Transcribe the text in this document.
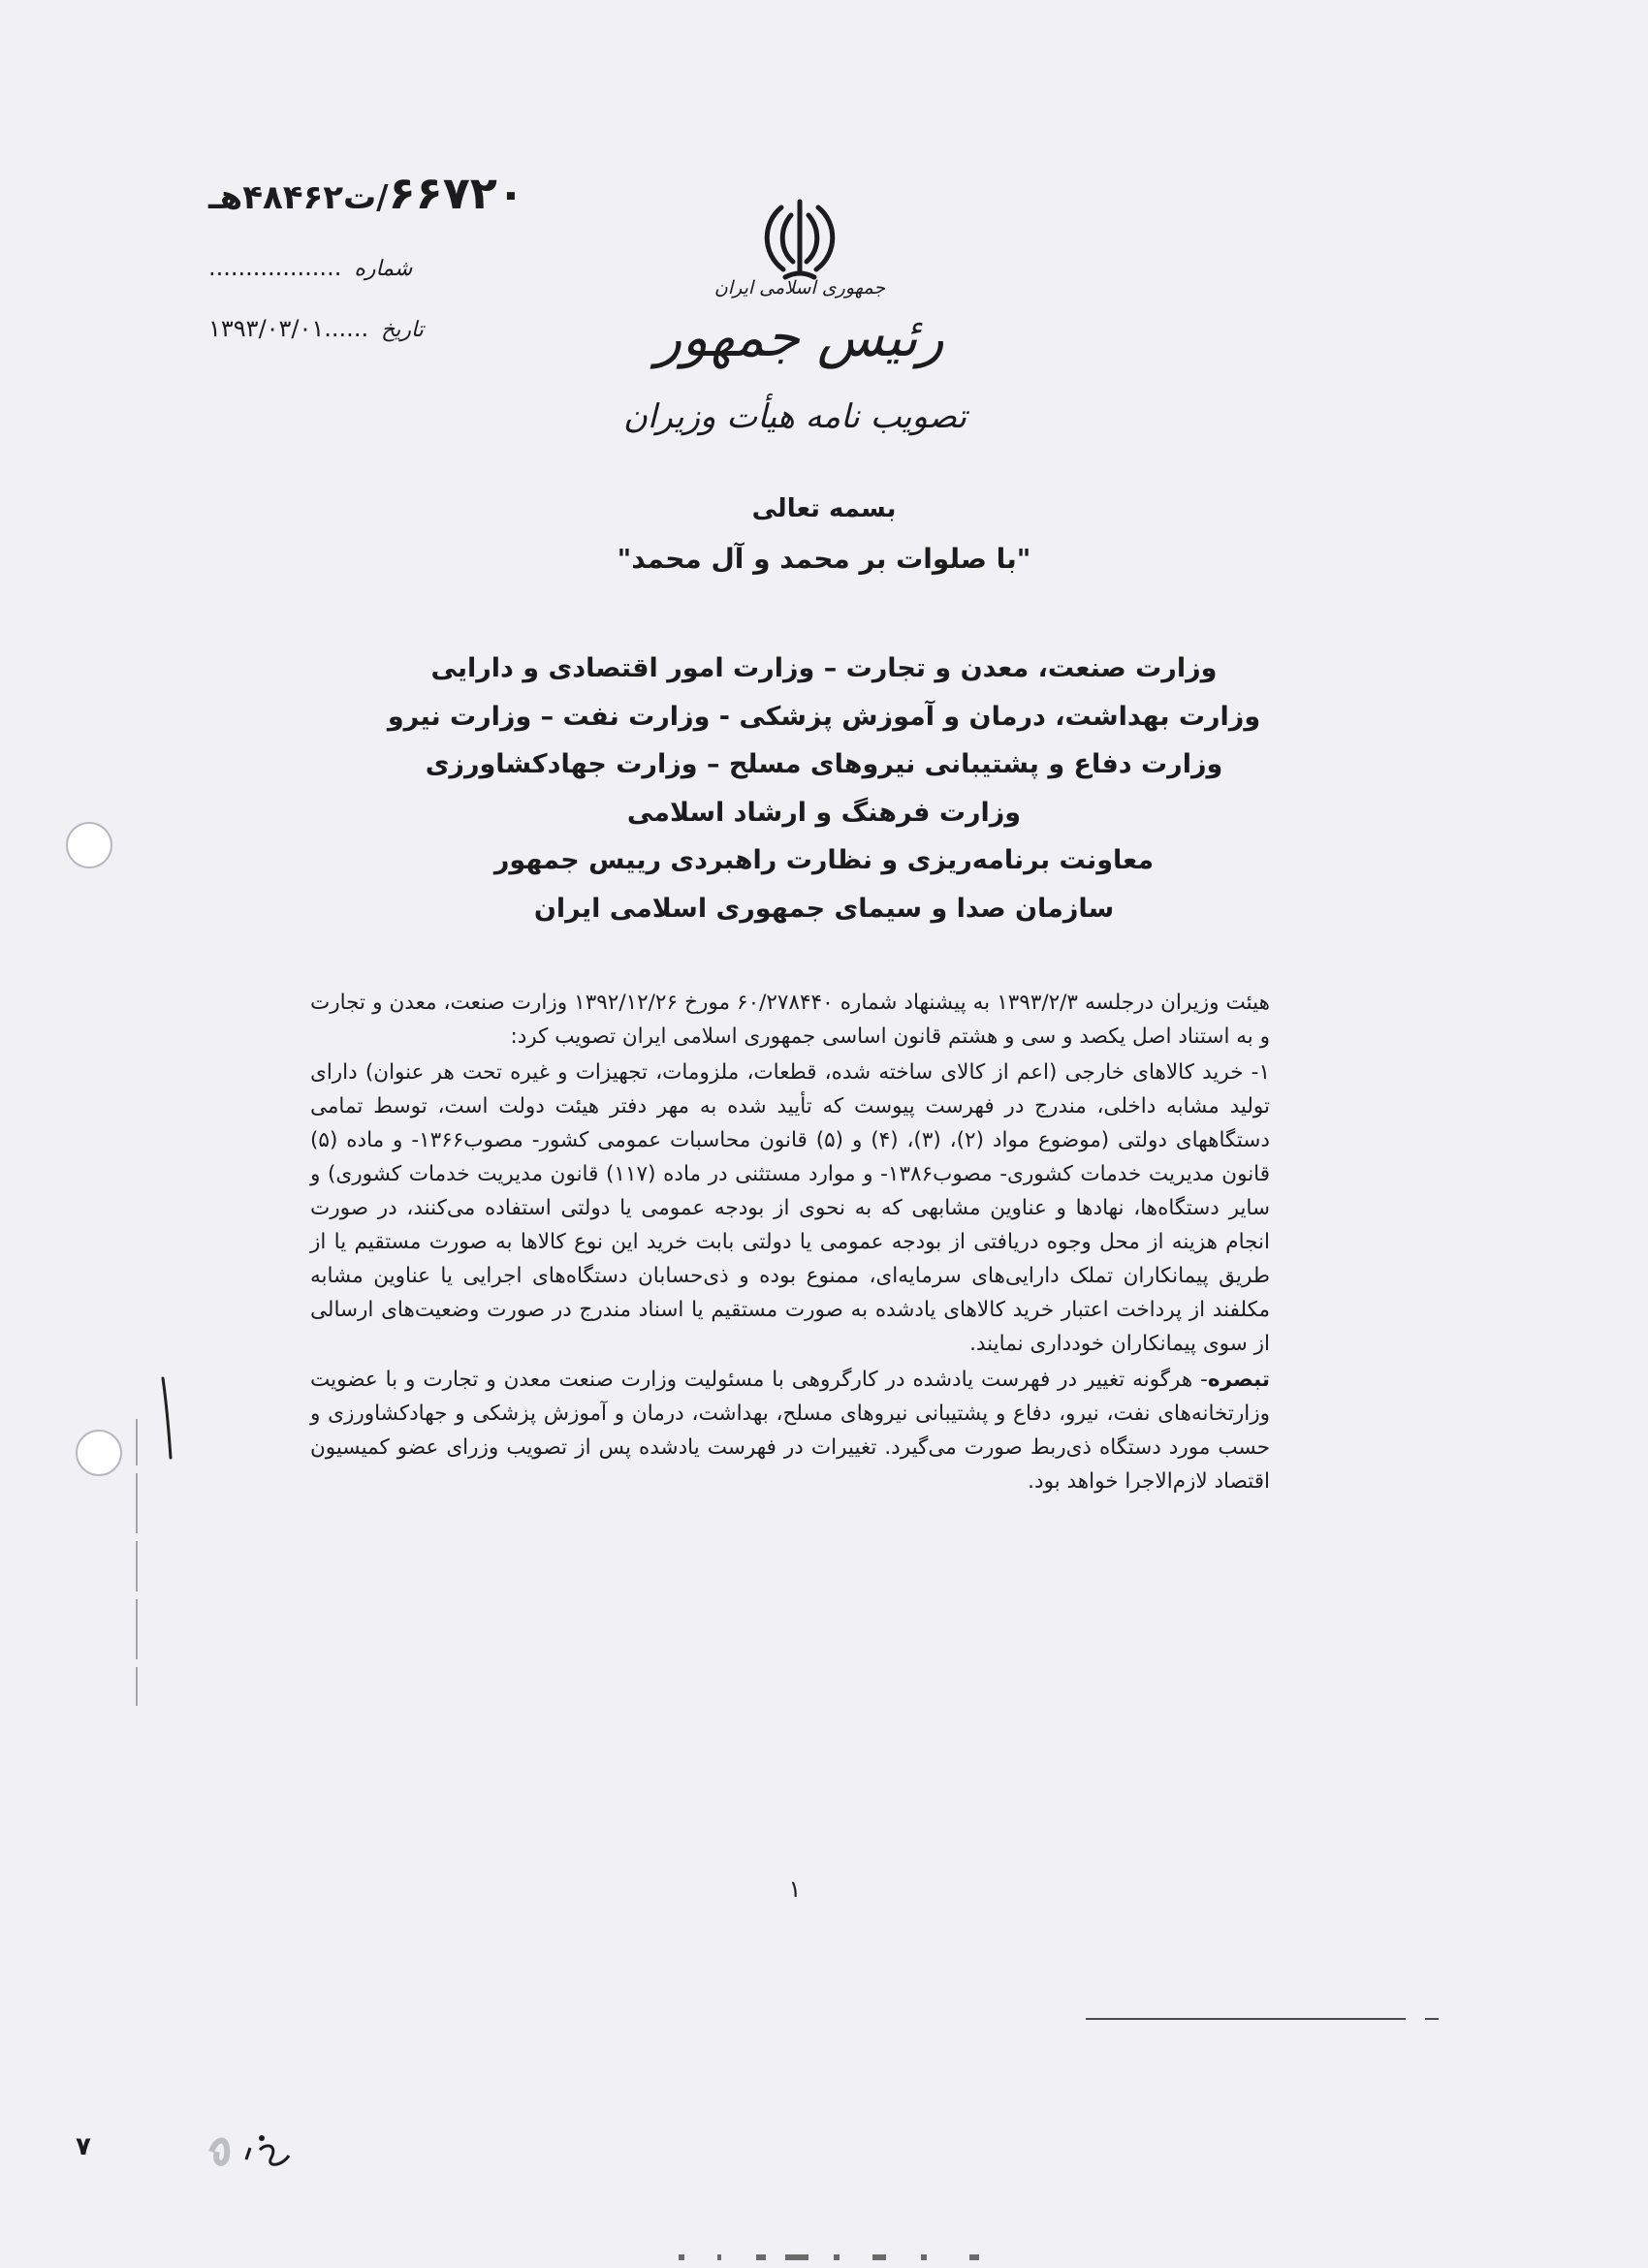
۶۶۷۲۰/ت۴۸۴۶۲هـ
شماره ..................
تاریخ ......۱۳۹۳/۰۳/۰۱
جمهوری اسلامی ایران
رئیس جمهور
تصویب نامه هیأت وزیران
بسمه تعالی
"با صلوات بر محمد و آل محمد"
وزارت صنعت، معدن و تجارت – وزارت امور اقتصادی و دارایی
وزارت بهداشت، درمان و آموزش پزشکی - وزارت نفت – وزارت نیرو
وزارت دفاع و پشتیبانی نیروهای مسلح – وزارت جهادکشاورزی
وزارت فرهنگ و ارشاد اسلامی
معاونت برنامه‌ریزی و نظارت راهبردی رییس جمهور
سازمان صدا و سیمای جمهوری اسلامی ایران

هیئت وزیران درجلسه ۱۳۹۳/۲/۳ به پیشنهاد شماره ۶۰/۲۷۸۴۴۰ مورخ ۱۳۹۲/۱۲/۲۶ وزارت صنعت، معدن و تجارت و به استناد اصل یکصد و سی و هشتم قانون اساسی جمهوری اسلامی ایران تصویب کرد:

۱- خرید کالاهای خارجی (اعم از کالای ساخته شده، قطعات، ملزومات، تجهیزات و غیره تحت هر عنوان) دارای تولید مشابه داخلی، مندرج در فهرست پیوست که تأیید شده به مهر دفتر هیئت دولت است، توسط تمامی دستگاههای دولتی (موضوع مواد (۲)، (۳)، (۴) و (۵) قانون محاسبات عمومی کشور- مصوب۱۳۶۶- و ماده (۵) قانون مدیریت خدمات کشوری- مصوب۱۳۸۶- و موارد مستثنی در ماده (۱۱۷) قانون مدیریت خدمات کشوری) و سایر دستگاه‌ها، نهادها و عناوین مشابهی که به نحوی از بودجه عمومی یا دولتی استفاده می‌کنند، در صورت انجام هزینه از محل وجوه دریافتی از بودجه عمومی یا دولتی بابت خرید این نوع کالاها به صورت مستقیم یا از طریق پیمانکاران تملک دارایی‌های سرمایه‌ای، ممنوع بوده و ذی‌حسابان دستگاه‌های اجرایی یا عناوین مشابه مکلفند از پرداخت اعتبار خرید کالاهای یادشده به صورت مستقیم یا اسناد مندرج در صورت وضعیت‌های ارسالی از سوی پیمانکاران خودداری نمایند.

تبصره- هرگونه تغییر در فهرست یادشده در کارگروهی با مسئولیت وزارت صنعت معدن و تجارت و با عضویت وزارتخانه‌های نفت، نیرو، دفاع و پشتیبانی نیروهای مسلح، بهداشت، درمان و آموزش پزشکی و جهادکشاورزی و حسب مورد دستگاه ذی‌ربط صورت می‌گیرد. تغییرات در فهرست یادشده پس از تصویب وزرای عضو کمیسیون اقتصاد لازم‌الاجرا خواهد بود.

۱
۷
